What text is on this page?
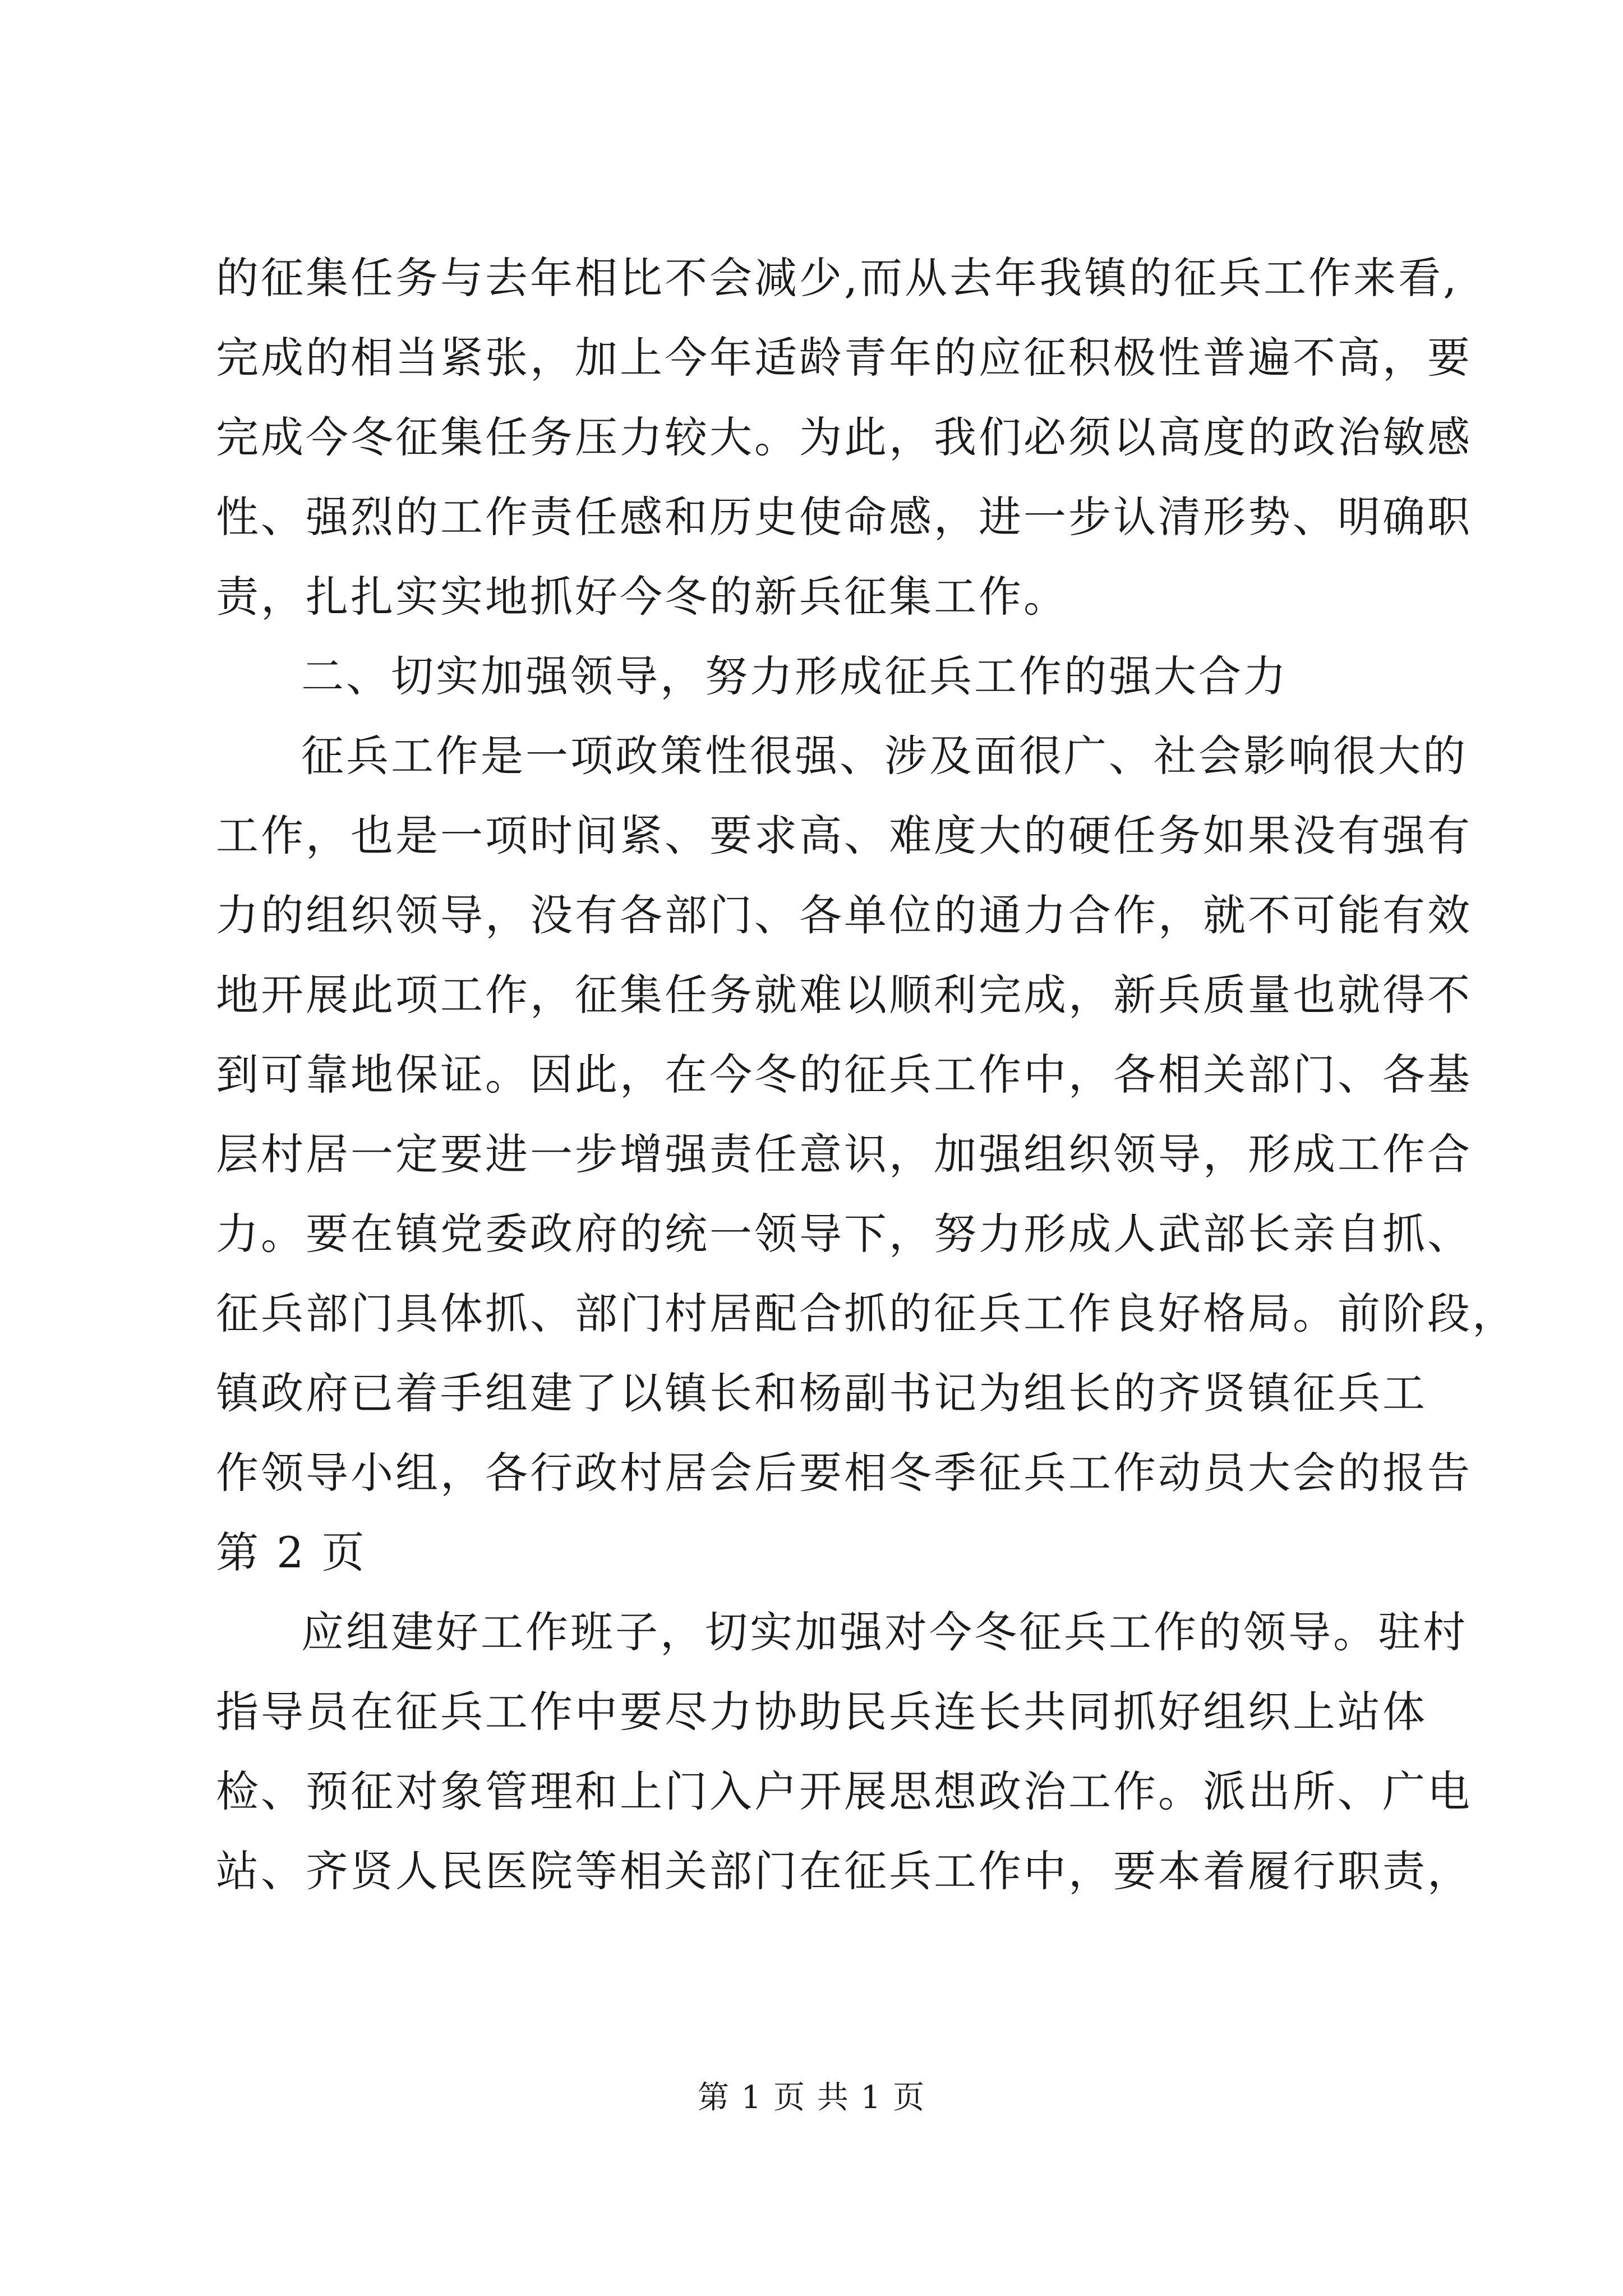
的征集任务与去年相比不会减少,而从去年我镇的征兵工作来看,
完成的相当紧张，加上今年适龄青年的应征积极性普遍不高，要
完成今冬征集任务压力较大。为此，我们必须以高度的政治敏感
性、强烈的工作责任感和历史使命感，进一步认清形势、明确职
责，扎扎实实地抓好今冬的新兵征集工作。
二、切实加强领导，努力形成征兵工作的强大合力
征兵工作是一项政策性很强、涉及面很广、社会影响很大的
工作，也是一项时间紧、要求高、难度大的硬任务如果没有强有
力的组织领导，没有各部门、各单位的通力合作，就不可能有效
地开展此项工作，征集任务就难以顺利完成，新兵质量也就得不
到可靠地保证。因此，在今冬的征兵工作中，各相关部门、各基
层村居一定要进一步增强责任意识，加强组织领导，形成工作合
力。要在镇党委政府的统一领导下，努力形成人武部长亲自抓、
征兵部门具体抓、部门村居配合抓的征兵工作良好格局。前阶段，
镇政府已着手组建了以镇长和杨副书记为组长的齐贤镇征兵工
作领导小组，各行政村居会后要相冬季征兵工作动员大会的报告
第 2 页
应组建好工作班子，切实加强对今冬征兵工作的领导。驻村
指导员在征兵工作中要尽力协助民兵连长共同抓好组织上站体
检、预征对象管理和上门入户开展思想政治工作。派出所、广电
站、齐贤人民医院等相关部门在征兵工作中，要本着履行职责，
第 1 页 共 1 页
